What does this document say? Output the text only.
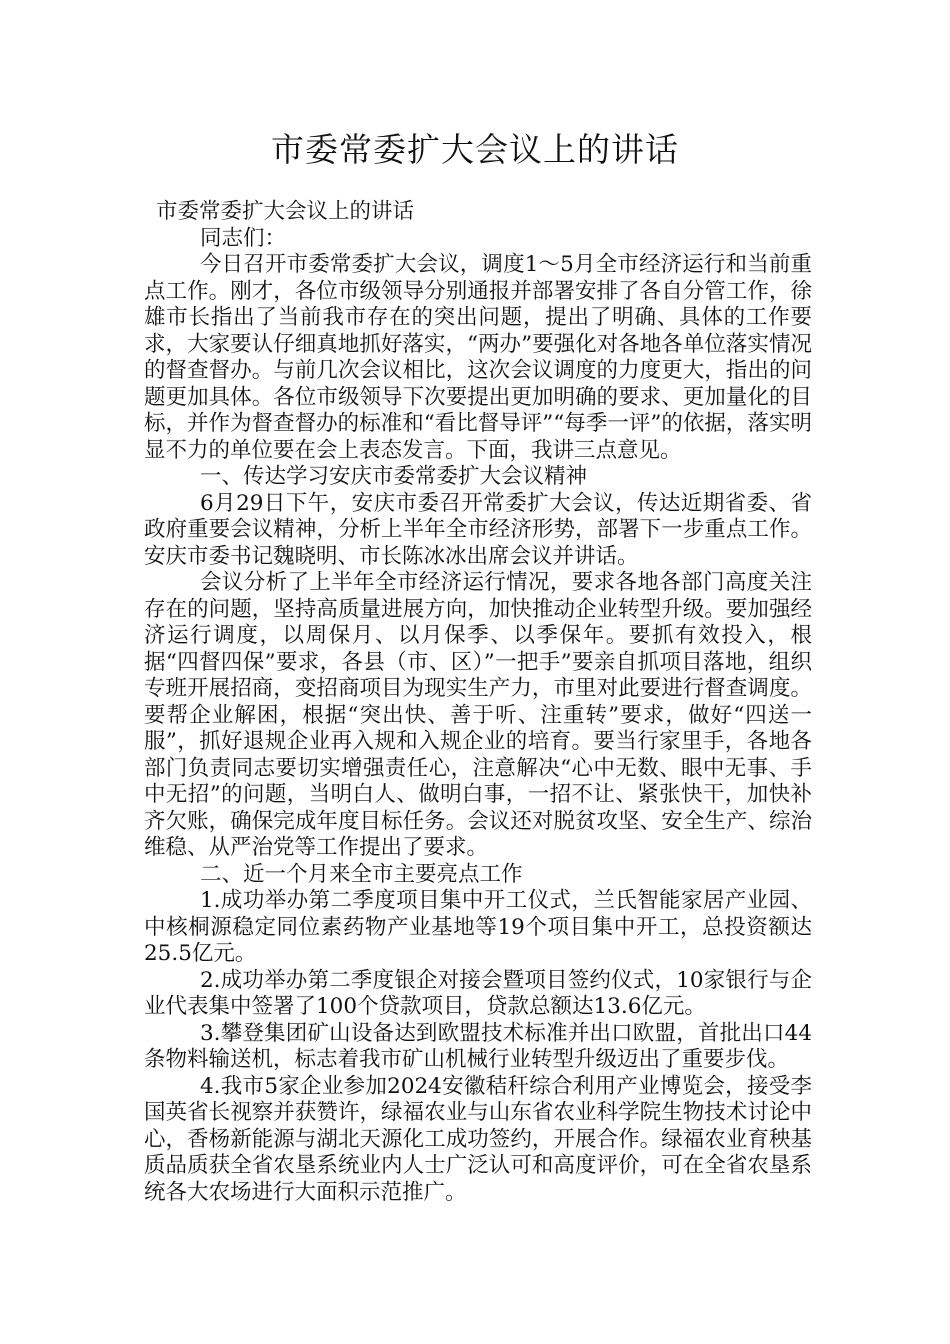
市委常委扩大会议上的讲话

市委常委扩大会议上的讲话

同志们：

今日召开市委常委扩大会议，调度1～5月全市经济运行和当前重点工作。刚才，各位市级领导分别通报并部署安排了各自分管工作，徐雄市长指出了当前我市存在的突出问题，提出了明确、具体的工作要求，大家要认仔细真地抓好落实，“两办”要强化对各地各单位落实情况的督查督办。与前几次会议相比，这次会议调度的力度更大，指出的问题更加具体。各位市级领导下次要提出更加明确的要求、更加量化的目标，并作为督查督办的标准和“看比督导评”“每季一评”的依据，落实明显不力的单位要在会上表态发言。下面，我讲三点意见。

一、传达学习安庆市委常委扩大会议精神

6月29日下午，安庆市委召开常委扩大会议，传达近期省委、省政府重要会议精神，分析上半年全市经济形势，部署下一步重点工作。安庆市委书记魏晓明、市长陈冰冰出席会议并讲话。

会议分析了上半年全市经济运行情况，要求各地各部门高度关注存在的问题，坚持高质量进展方向，加快推动企业转型升级。要加强经济运行调度，以周保月、以月保季、以季保年。要抓有效投入，根据“四督四保”要求，各县（市、区）”一把手”要亲自抓项目落地，组织专班开展招商，变招商项目为现实生产力，市里对此要进行督查调度。要帮企业解困，根据“突出快、善于听、注重转”要求，做好“四送一服”，抓好退规企业再入规和入规企业的培育。要当行家里手，各地各部门负责同志要切实增强责任心，注意解决“心中无数、眼中无事、手中无招”的问题，当明白人、做明白事，一招不让、紧张快干，加快补齐欠账，确保完成年度目标任务。会议还对脱贫攻坚、安全生产、综治维稳、从严治党等工作提出了要求。

二、近一个月来全市主要亮点工作

1.成功举办第二季度项目集中开工仪式，兰氏智能家居产业园、中核桐源稳定同位素药物产业基地等19个项目集中开工，总投资额达25.5亿元。

2.成功举办第二季度银企对接会暨项目签约仪式，10家银行与企业代表集中签署了100个贷款项目，贷款总额达13.6亿元。

3.攀登集团矿山设备达到欧盟技术标准并出口欧盟，首批出口44条物料输送机，标志着我市矿山机械行业转型升级迈出了重要步伐。

4.我市5家企业参加2024安徽秸秆综合利用产业博览会，接受李国英省长视察并获赞许，绿福农业与山东省农业科学院生物技术讨论中心，香杨新能源与湖北天源化工成功签约，开展合作。绿福农业育秧基质品质获全省农垦系统业内人士广泛认可和高度评价，可在全省农垦系统各大农场进行大面积示范推广。
